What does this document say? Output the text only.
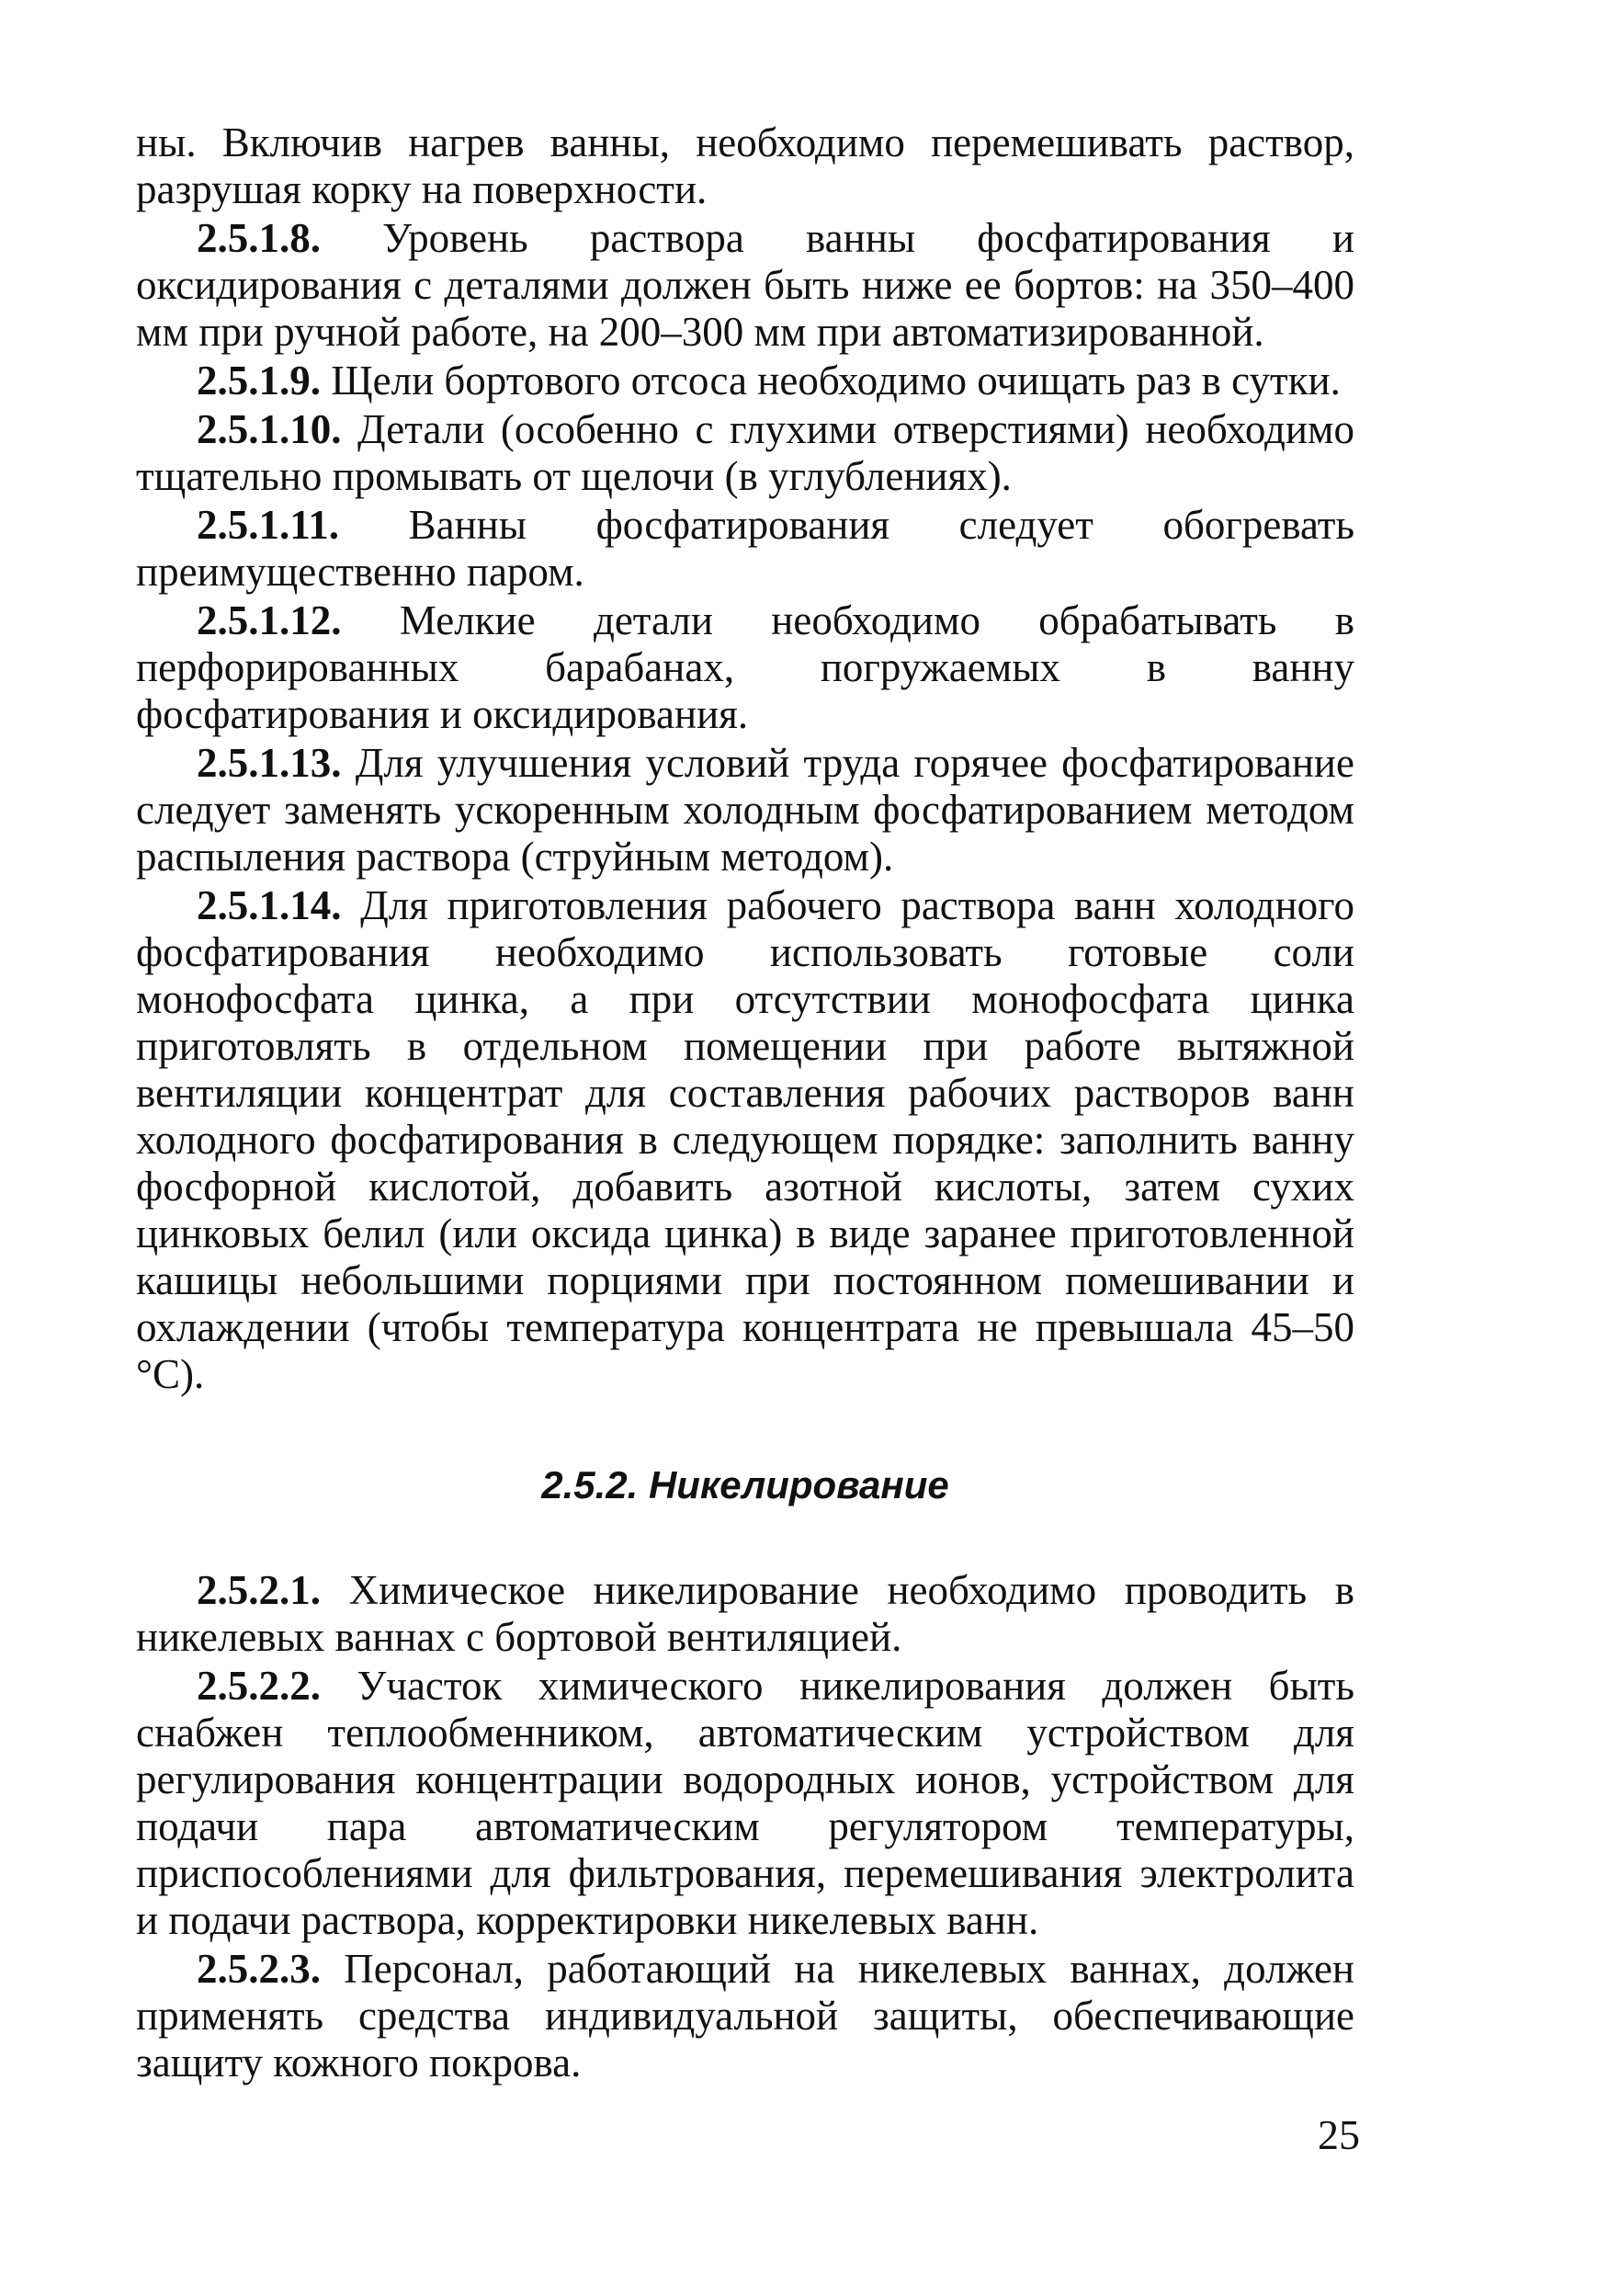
ны. Включив нагрев ванны, необходимо перемешивать раствор, разрушая корку на поверхности.

2.5.1.8. Уровень раствора ванны фосфатирования и оксидирования с деталями должен быть ниже ее бортов: на 350–400 мм при ручной работе, на 200–300 мм при автоматизированной.

2.5.1.9. Щели бортового отсоса необходимо очищать раз в сутки.

2.5.1.10. Детали (особенно с глухими отверстиями) необходимо тщательно промывать от щелочи (в углублениях).

2.5.1.11. Ванны фосфатирования следует обогревать преимущественно паром.

2.5.1.12. Мелкие детали необходимо обрабатывать в перфорированных барабанах, погружаемых в ванну фосфатирования и оксидирования.

2.5.1.13. Для улучшения условий труда горячее фосфатирование следует заменять ускоренным холодным фосфатированием методом распыления раствора (струйным методом).

2.5.1.14. Для приготовления рабочего раствора ванн холодного фосфатирования необходимо использовать готовые соли монофосфата цинка, а при отсутствии монофосфата цинка приготовлять в отдельном помещении при работе вытяжной вентиляции концентрат для составления рабочих растворов ванн холодного фосфатирования в следующем порядке: заполнить ванну фосфорной кислотой, добавить азотной кислоты, затем сухих цинковых белил (или оксида цинка) в виде заранее приготовленной кашицы небольшими порциями при постоянном помешивании и охлаждении (чтобы температура концентрата не превышала 45–50 °С).

2.5.2. Никелирование

2.5.2.1. Химическое никелирование необходимо проводить в никелевых ваннах с бортовой вентиляцией.

2.5.2.2. Участок химического никелирования должен быть снабжен теплообменником, автоматическим устройством для регулирования концентрации водородных ионов, устройством для подачи пара автоматическим регулятором температуры, приспособлениями для фильтрования, перемешивания электролита и подачи раствора, корректировки никелевых ванн.

2.5.2.3. Персонал, работающий на никелевых ваннах, должен применять средства индивидуальной защиты, обеспечивающие защиту кожного покрова.

25
